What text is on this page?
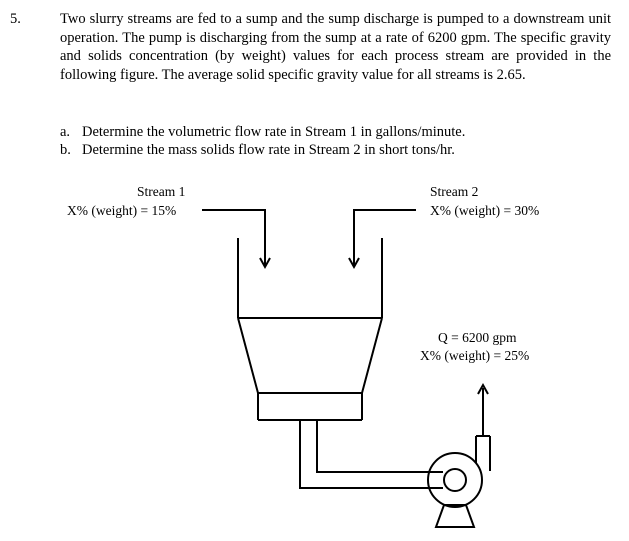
5.	Two slurry streams are fed to a sump and the sump discharge is pumped to a downstream unit operation. The pump is discharging from the sump at a rate of 6200 gpm. The specific gravity and solids concentration (by weight) values for each process stream are provided in the following figure. The average solid specific gravity value for all streams is 2.65.
a. Determine the volumetric flow rate in Stream 1 in gallons/minute.
b. Determine the mass solids flow rate in Stream 2 in short tons/hr.
Stream 1
X% (weight) = 15%
Stream 2
X% (weight) = 30%
Q = 6200 gpm
X% (weight) = 25%
